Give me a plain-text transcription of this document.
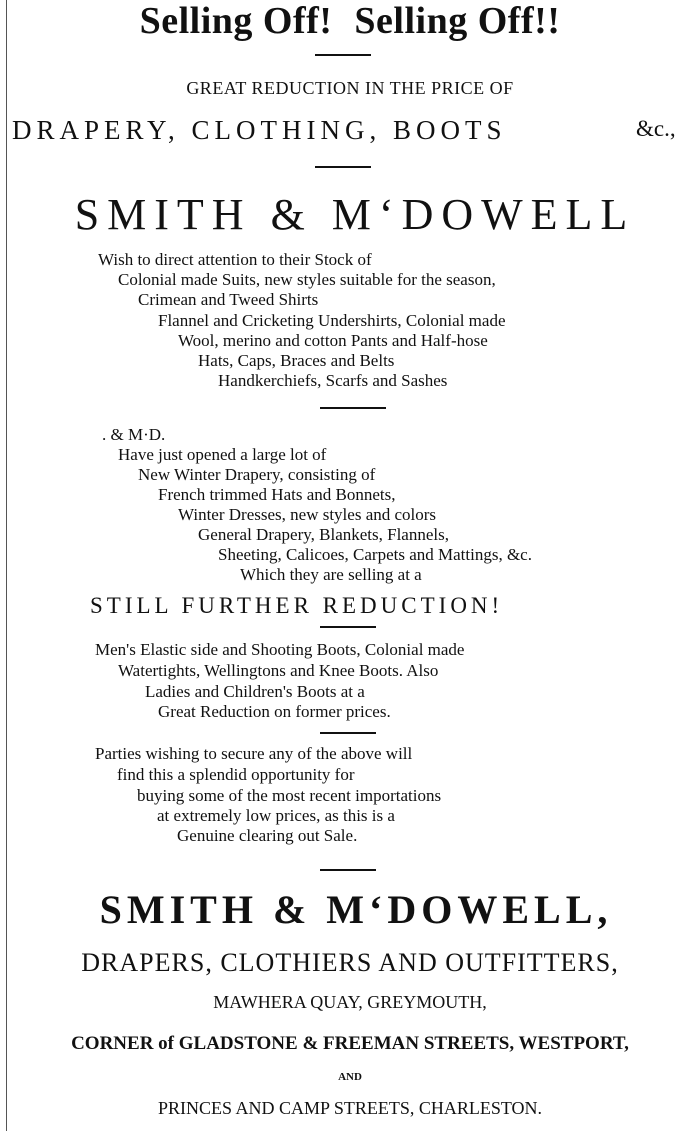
Selling Off! Selling Off!!
GREAT REDUCTION IN THE PRICE OF
DRAPERY, CLOTHING, BOOTS	&c.,
SMITH & M‘DOWELL
Wish to direct attention to their Stock of
Colonial made Suits, new styles suitable for the season,
Crimean and Tweed Shirts
Flannel and Cricketing Undershirts, Colonial made
Wool, merino and cotton Pants and Half-hose
Hats, Caps, Braces and Belts
Handkerchiefs, Scarfs and Sashes
. & M·D.
Have just opened a large lot of
New Winter Drapery, consisting of
French trimmed Hats and Bonnets,
Winter Dresses, new styles and colors
General Drapery, Blankets, Flannels,
Sheeting, Calicoes, Carpets and Mattings, &c.
Which they are selling at a
STILL FURTHER REDUCTION!
Men's Elastic side and Shooting Boots, Colonial made
Watertights, Wellingtons and Knee Boots. Also
Ladies and Children's Boots at a
Great Reduction on former prices.
Parties wishing to secure any of the above will
find this a splendid opportunity for
buying some of the most recent importations
at extremely low prices, as this is a
Genuine clearing out Sale.
SMITH & M‘DOWELL,
DRAPERS, CLOTHIERS AND OUTFITTERS,
MAWHERA QUAY, GREYMOUTH,
CORNER of GLADSTONE & FREEMAN STREETS, WESTPORT,
AND
PRINCES AND CAMP STREETS, CHARLESTON.
